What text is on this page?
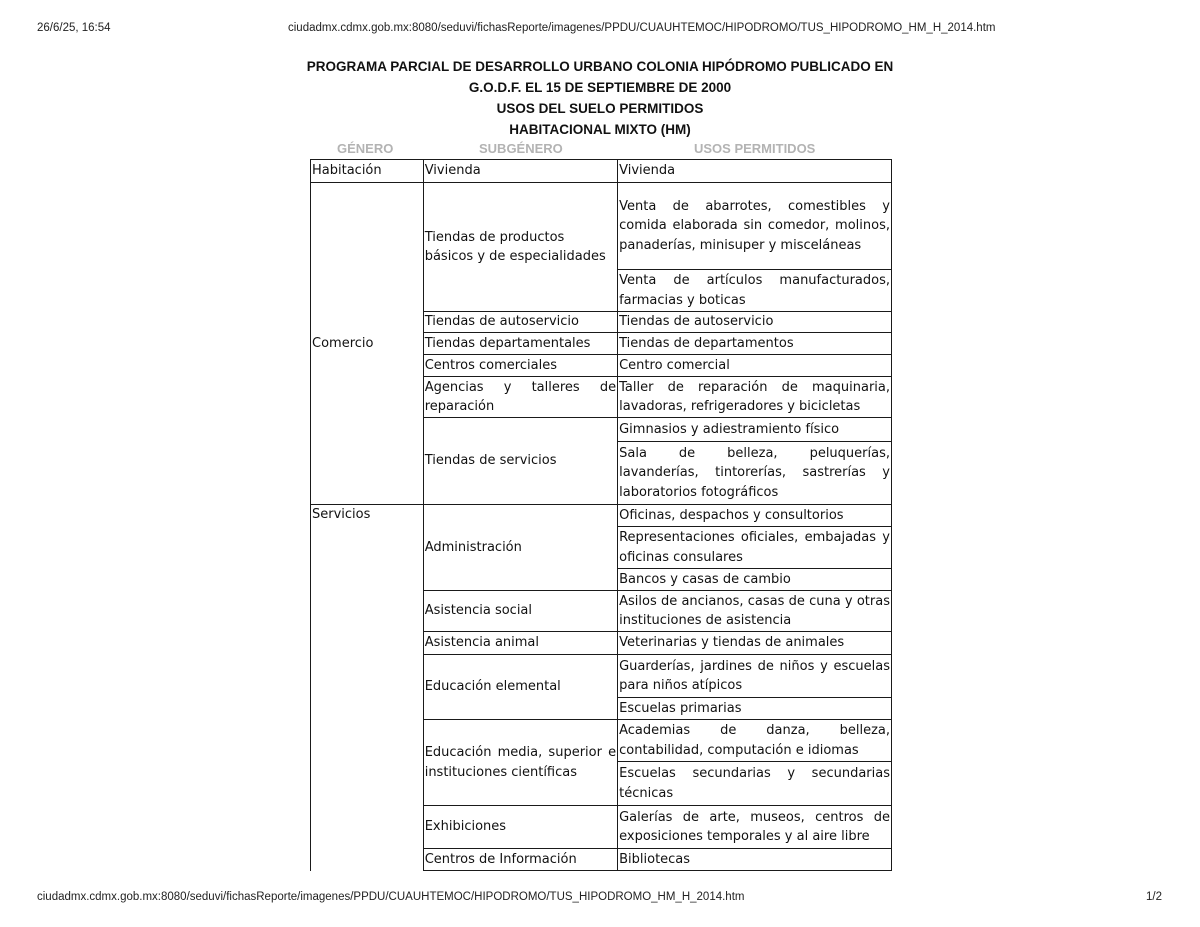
26/6/25, 16:54	ciudadmx.cdmx.gob.mx:8080/seduvi/fichasReporte/imagenes/PPDU/CUAUHTEMOC/HIPODROMO/TUS_HIPODROMO_HM_H_2014.htm
PROGRAMA PARCIAL DE DESARROLLO URBANO COLONIA HIPÓDROMO PUBLICADO EN
G.O.D.F. EL 15 DE SEPTIEMBRE DE 2000
USOS DEL SUELO PERMITIDOS
HABITACIONAL MIXTO (HM)
GÉNERO	SUBGÉNERO	USOS PERMITIDOS
Habitación	Vivienda	Vivienda
Comercio	Tiendas de productos básicos y de especialidades	Venta de abarrotes, comestibles y comida elaborada sin comedor, molinos, panaderías, minisuper y misceláneas
		Venta de artículos manufacturados, farmacias y boticas
	Tiendas de autoservicio	Tiendas de autoservicio
	Tiendas departamentales	Tiendas de departamentos
	Centros comerciales	Centro comercial
	Agencias y talleres de reparación	Taller de reparación de maquinaria, lavadoras, refrigeradores y bicicletas
	Tiendas de servicios	Gimnasios y adiestramiento físico
		Sala de belleza, peluquerías, lavanderías, tintorerías, sastrerías y laboratorios fotográficos

Servicios	Administración	Oficinas, despachos y consultorios
		Representaciones oficiales, embajadas y oficinas consulares
		Bancos y casas de cambio
	Asistencia social	Asilos de ancianos, casas de cuna y otras instituciones de asistencia
	Asistencia animal	Veterinarias y tiendas de animales
	Educación elemental	Guarderías, jardines de niños y escuelas para niños atípicos
		Escuelas primarias
	Educación media, superior e instituciones científicas	Academias de danza, belleza, contabilidad, computación e idiomas
		Escuelas secundarias y secundarias técnicas
	Exhibiciones	Galerías de arte, museos, centros de exposiciones temporales y al aire libre
	Centros de Información	Bibliotecas
ciudadmx.cdmx.gob.mx:8080/seduvi/fichasReporte/imagenes/PPDU/CUAUHTEMOC/HIPODROMO/TUS_HIPODROMO_HM_H_2014.htm	1/2
